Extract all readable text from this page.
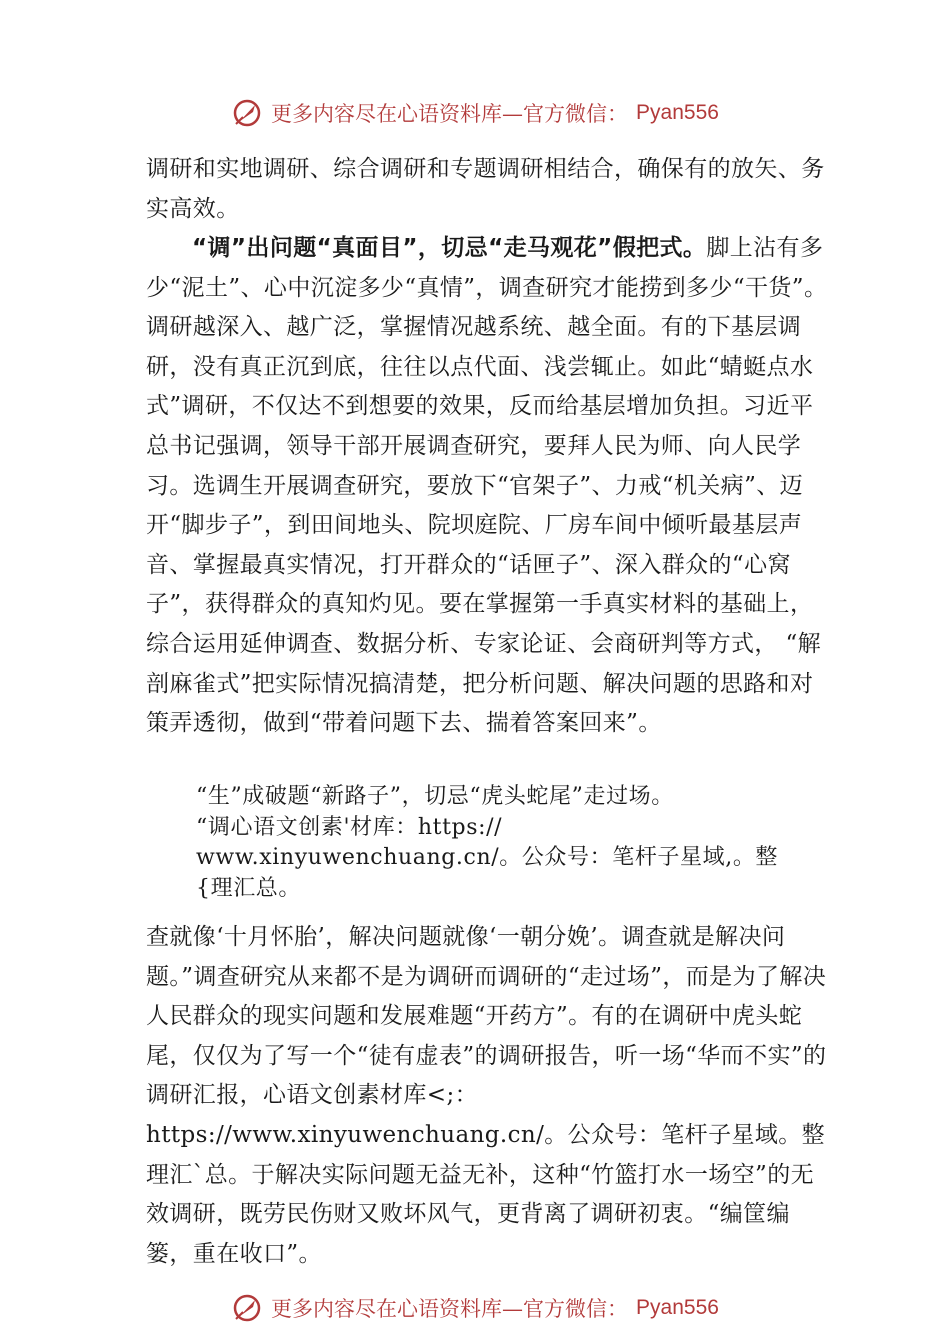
更多内容尽在心语资料库—官方微信： Pyan556
调研和实地调研、综合调研和专题调研相结合，确保有的放矢、务实高效。
“调”出问题“真面目”，切忌“走马观花”假把式。脚上沾有多少“泥土”、心中沉淀多少“真情”，调查研究才能捞到多少“干货”。调研越深入、越广泛，掌握情况越系统、越全面。有的下基层调研，没有真正沉到底，往往以点代面、浅尝辄止。如此“蜻蜓点水式”调研，不仅达不到想要的效果，反而给基层增加负担。习近平总书记强调，领导干部开展调查研究，要拜人民为师、向人民学习。选调生开展调查研究，要放下“官架子”、力戒“机关病”、迈开“脚步子”，到田间地头、院坝庭院、厂房车间中倾听最基层声音、掌握最真实情况，打开群众的“话匣子”、深入群众的“心窝子”，获得群众的真知灼见。要在掌握第一手真实材料的基础上， 综合运用延伸调查、数据分析、专家论证、会商研判等方式， “解剖麻雀式”把实际情况搞清楚，把分析问题、解决问题的思路和对策弄透彻，做到“带着问题下去、揣着答案回来”。
“生”成破题“新路子”，切忌“虎头蛇尾”走过场。
“调心语文创素'材库：https://
www.xinyuwenchuang.cn/。公众号：笔杆子星域,。整
{理汇总。
查就像‘十月怀胎’，解决问题就像‘一朝分娩’。调查就是解决问题。”调查研究从来都不是为调研而调研的“走过场”，而是为了解决人民群众的现实问题和发展难题“开药方”。有的在调研中虎头蛇尾，仅仅为了写一个“徒有虚表”的调研报告，听一场“华而不实”的调研汇报，心语文创素材库<;：https://www.xinyuwenchuang.cn/。公众号：笔杆子星域。整理汇`总。于解决实际问题无益无补，这种“竹篮打水一场空”的无效调研，既劳民伤财又败坏风气，更背离了调研初衷。“编筐编篓，重在收口”。
更多内容尽在心语资料库—官方微信： Pyan556
